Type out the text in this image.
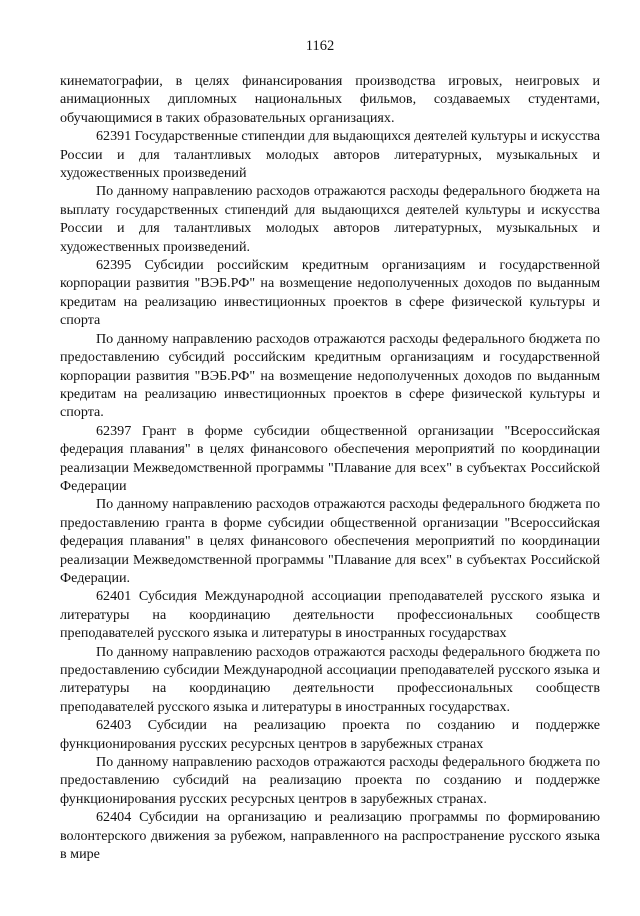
1162

кинематографии, в целях финансирования производства игровых, неигровых и анимационных дипломных национальных фильмов, создаваемых студентами, обучающимися в таких образовательных организациях.

62391 Государственные стипендии для выдающихся деятелей культуры и искусства России и для талантливых молодых авторов литературных, музыкальных и художественных произведений

По данному направлению расходов отражаются расходы федерального бюджета на выплату государственных стипендий для выдающихся деятелей культуры и искусства России и для талантливых молодых авторов литературных, музыкальных и художественных произведений.

62395 Субсидии российским кредитным организациям и государственной корпорации развития "ВЭБ.РФ" на возмещение недополученных доходов по выданным кредитам на реализацию инвестиционных проектов в сфере физической культуры и спорта

По данному направлению расходов отражаются расходы федерального бюджета по предоставлению субсидий российским кредитным организациям и государственной корпорации развития "ВЭБ.РФ" на возмещение недополученных доходов по выданным кредитам на реализацию инвестиционных проектов в сфере физической культуры и спорта.

62397 Грант в форме субсидии общественной организации "Всероссийская федерация плавания" в целях финансового обеспечения мероприятий по координации реализации Межведомственной программы "Плавание для всех" в субъектах Российской Федерации

По данному направлению расходов отражаются расходы федерального бюджета по предоставлению гранта в форме субсидии общественной организации "Всероссийская федерация плавания" в целях финансового обеспечения мероприятий по координации реализации Межведомственной программы "Плавание для всех" в субъектах Российской Федерации.

62401 Субсидия Международной ассоциации преподавателей русского языка и литературы на координацию деятельности профессиональных сообществ преподавателей русского языка и литературы в иностранных государствах

По данному направлению расходов отражаются расходы федерального бюджета по предоставлению субсидии Международной ассоциации преподавателей русского языка и литературы на координацию деятельности профессиональных сообществ преподавателей русского языка и литературы в иностранных государствах.

62403 Субсидии на реализацию проекта по созданию и поддержке функционирования русских ресурсных центров в зарубежных странах

По данному направлению расходов отражаются расходы федерального бюджета по предоставлению субсидий на реализацию проекта по созданию и поддержке функционирования русских ресурсных центров в зарубежных странах.

62404 Субсидии на организацию и реализацию программы по формированию волонтерского движения за рубежом, направленного на распространение русского языка в мире
